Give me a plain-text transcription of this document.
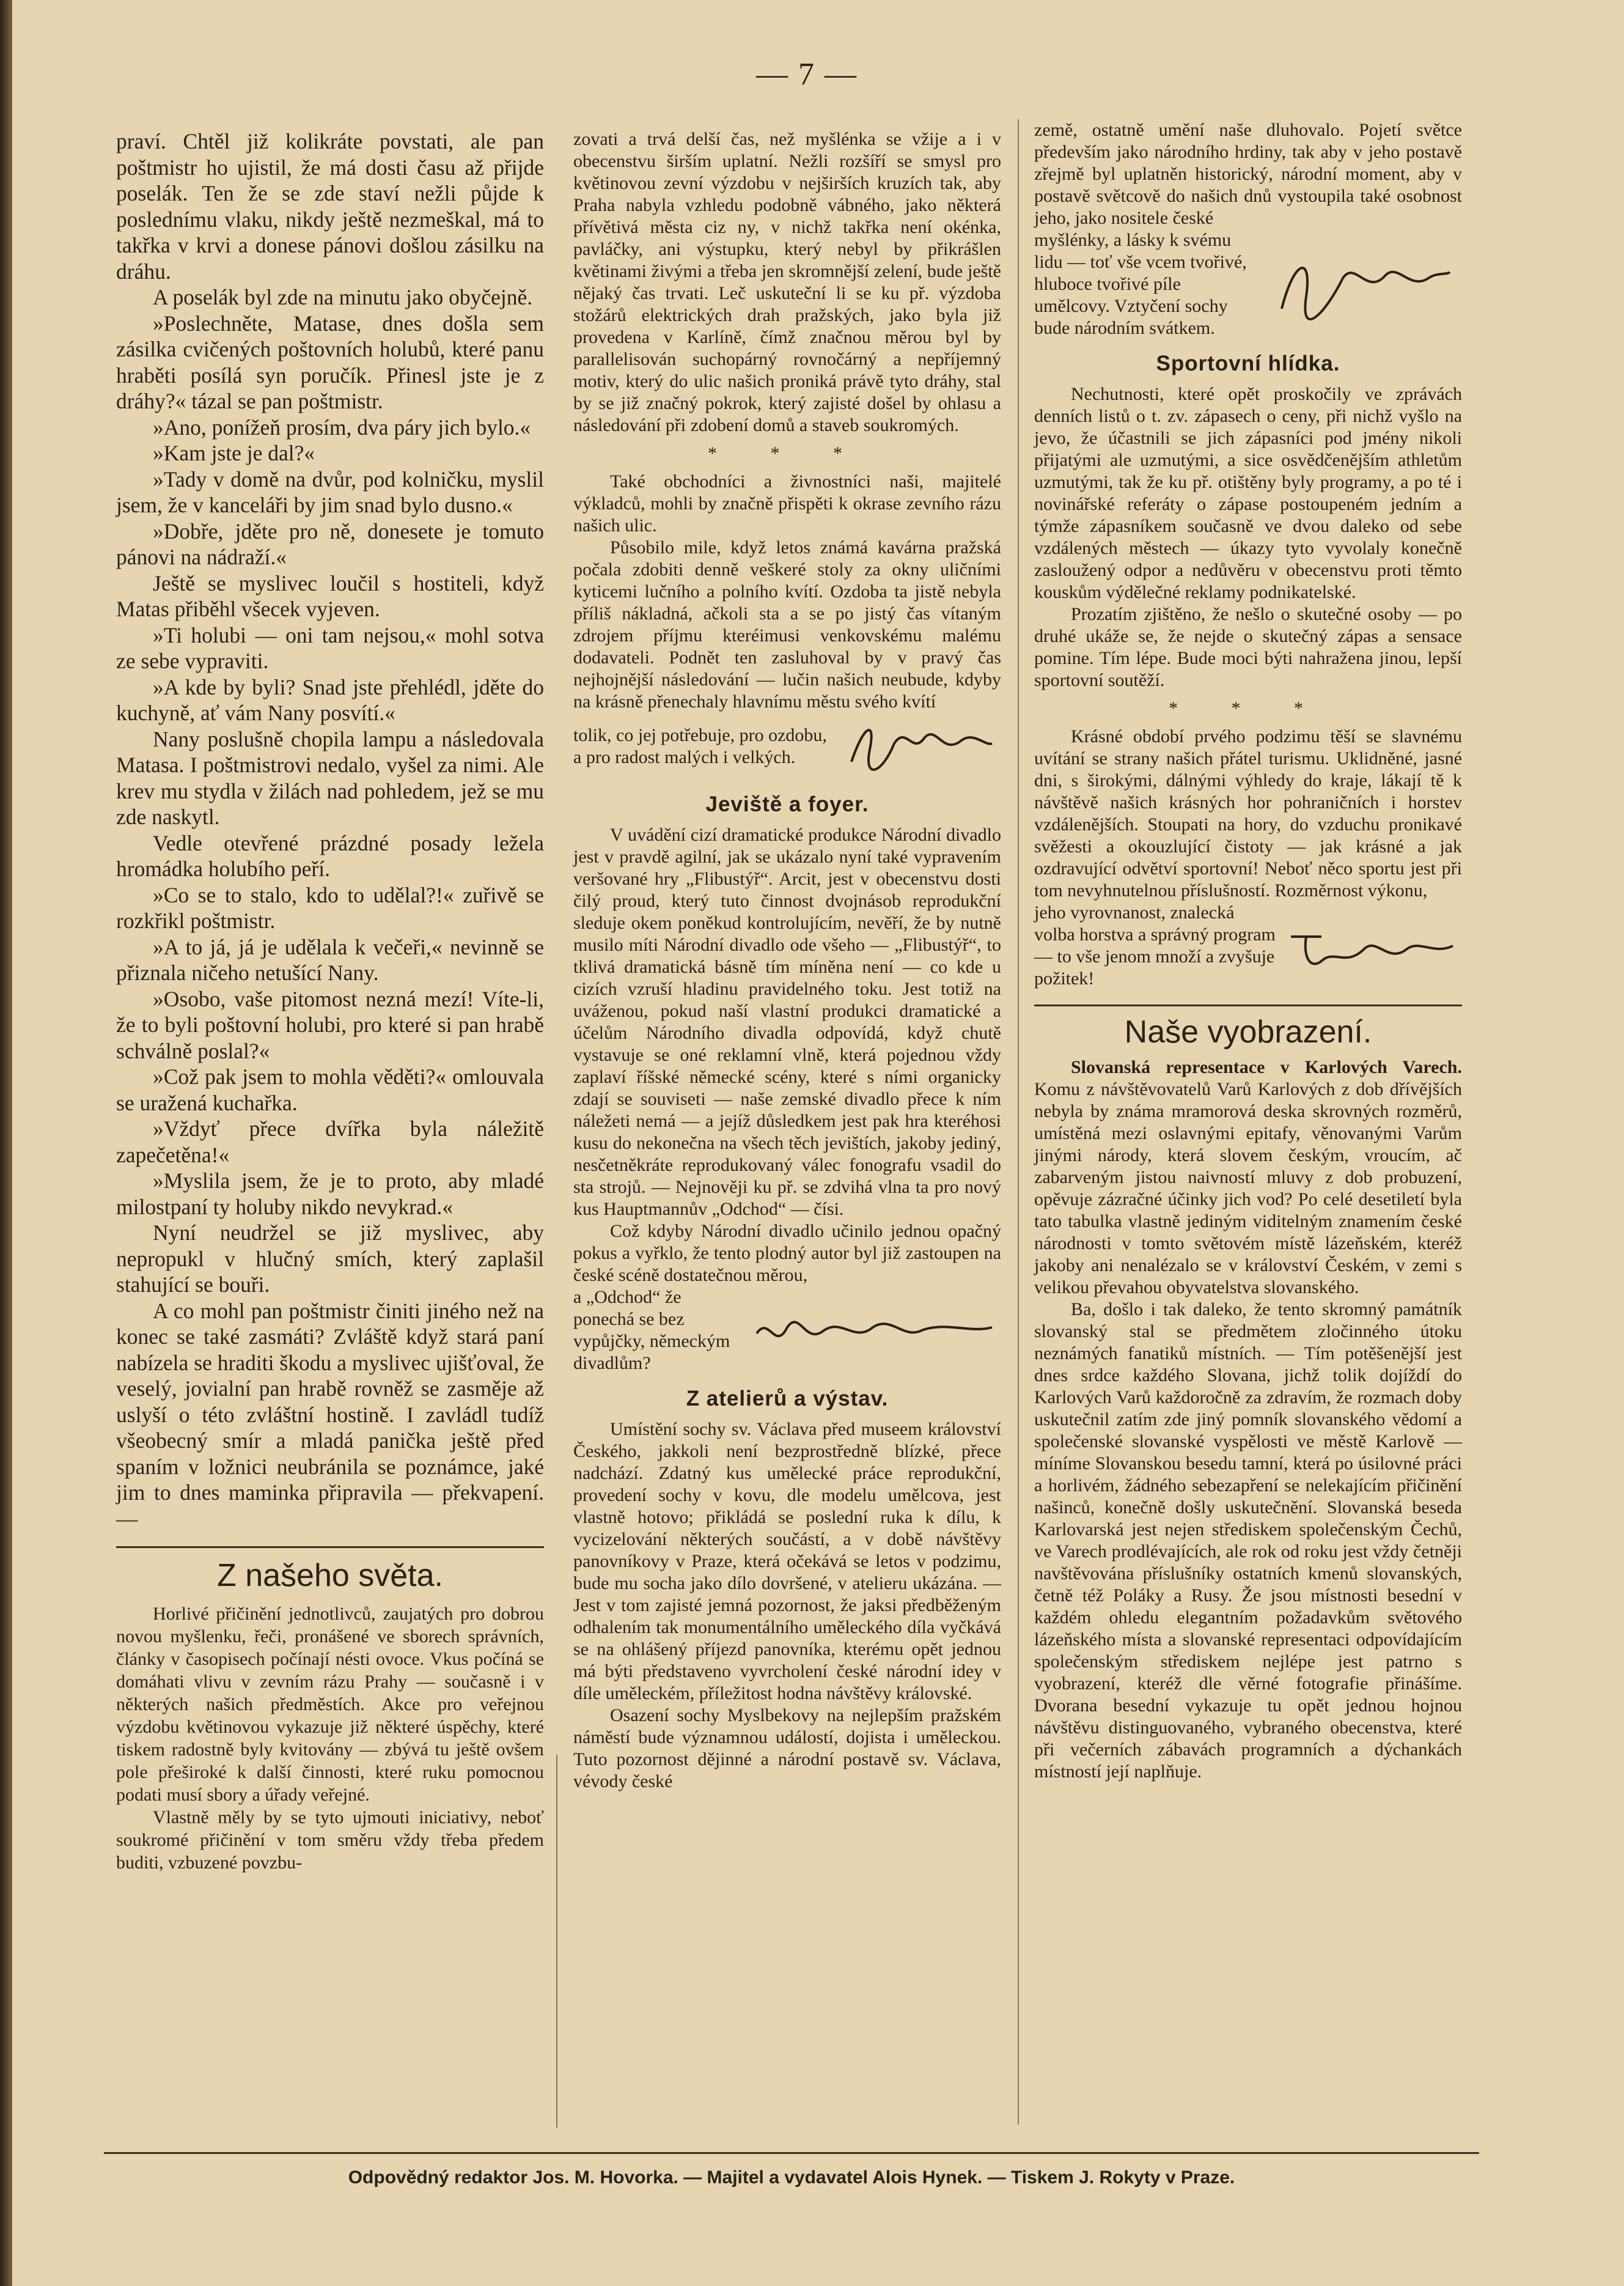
— 7 —

praví. Chtěl již kolikráte povstati, ale pan poštmistr ho ujistil, že má dosti času až přijde poselák. Ten že se zde staví nežli půjde k poslednímu vlaku, nikdy ještě nezmeškal, má to takřka v krvi a donese pánovi došlou zásilku na dráhu.

A poselák byl zde na minutu jako obyčejně.

»Poslechněte, Matase, dnes došla sem zásilka cvičených poštovních holubů, které panu hraběti posílá syn poručík. Přinesl jste je z dráhy?« tázal se pan poštmistr.

»Ano, ponížeň prosím, dva páry jich bylo.«

»Kam jste je dal?«

»Tady v domě na dvůr, pod kolničku, myslil jsem, že v kanceláři by jim snad bylo dusno.«

»Dobře, jděte pro ně, donesete je tomuto pánovi na nádraží.«

Ještě se myslivec loučil s hostiteli, když Matas přiběhl všecek vyjeven.

»Ti holubi — oni tam nejsou,« mohl sotva ze sebe vypraviti.

»A kde by byli? Snad jste přehlédl, jděte do kuchyně, ať vám Nany posvítí.«

Nany poslušně chopila lampu a následovala Matasa. I poštmistrovi nedalo, vyšel za nimi. Ale krev mu stydla v žilách nad pohledem, jež se mu zde naskytl.

Vedle otevřené prázdné posady ležela hromádka holubího peří.

»Co se to stalo, kdo to udělal?!« zuřivě se rozkřikl poštmistr.

»A to já, já je udělala k večeři,« nevinně se přiznala ničeho netušící Nany.

»Osobo, vaše pitomost nezná mezí! Víte-li, že to byli poštovní holubi, pro které si pan hrabě schválně poslal?«

»Což pak jsem to mohla věděti?« omlouvala se uražená kuchařka.

»Vždyť přece dvířka byla náležitě zapečetěna!«

»Myslila jsem, že je to proto, aby mladé milostpaní ty holuby nikdo nevykrad.«

Nyní neudržel se již myslivec, aby nepropukl v hlučný smích, který zaplašil stahující se bouři.

A co mohl pan poštmistr činiti jiného než na konec se také zasmáti? Zvláště když stará paní nabízela se hraditi škodu a myslivec ujišťoval, že veselý, jovialní pan hrabě rovněž se zasměje až uslyší o této zvláštní hostině. I zavládl tudíž všeobecný smír a mladá panička ještě před spaním v ložnici neubránila se poznámce, jaké jim to dnes maminka připravila — překvapení. —

Z našeho světa.

Horlivé přičinění jednotlivců, zaujatých pro dobrou novou myšlenku, řeči, pronášené ve sborech správních, články v časopisech počínají nésti ovoce. Vkus počíná se domáhati vlivu v zevním rázu Prahy — současně i v některých našich předměstích. Akce pro veřejnou výzdobu květinovou vykazuje již některé úspěchy, které tiskem radostně byly kvitovány — zbývá tu ještě ovšem pole přeširoké k další činnosti, které ruku pomocnou podati musí sbory a úřady veřejné.

Vlastně měly by se tyto ujmouti iniciativy, neboť soukromé přičinění v tom směru vždy třeba předem buditi, vzbuzené povzbu-

zovati a trvá delší čas, než myšlénka se vžije a i v obecenstvu širším uplatní. Nežli rozšíří se smysl pro květinovou zevní výzdobu v nejširších kruzích tak, aby Praha nabyla vzhledu podobně vábného, jako některá přívětivá města ciz ny, v nichž takřka není okénka, pavláčky, ani výstupku, který nebyl by přikrášlen květinami živými a třeba jen skromnější zelení, bude ještě nějaký čas trvati. Leč uskuteční li se ku př. výzdoba stožárů elektrických drah pražských, jako byla již provedena v Karlíně, čímž značnou měrou byl by parallelisován suchopárný rovnočárný a nepříjemný motiv, který do ulic našich proniká právě tyto dráhy, stal by se již značný pokrok, který zajisté došel by ohlasu a následování při zdobení domů a staveb soukromých.

* * *

Také obchodníci a živnostníci naši, majitelé výkladců, mohli by značně přispěti k okrase zevního rázu našich ulic.

Působilo mile, když letos známá kavárna pražská počala zdobiti denně veškeré stoly za okny uličními kyticemi lučního a polního kvítí. Ozdoba ta jistě nebyla příliš nákladná, ačkoli sta a se po jistý čas vítaným zdrojem příjmu kteréimusi venkovskému malému dodavateli. Podnět ten zasluhoval by v pravý čas nejhojnější následování — lučin našich neubude, kdyby na krásně přenechaly hlavnímu městu svého kvítí

tolik, co jej potřebuje, pro ozdobu, a pro radost malých i velkých.
Jeviště a foyer.

V uvádění cizí dramatické produkce Národní divadlo jest v pravdě agilní, jak se ukázalo nyní také vypravením veršované hry „Flibustýř“. Arcit, jest v obecenstvu dosti čilý proud, který tuto činnost dvojnásob reprodukční sleduje okem poněkud kontrolujícím, nevěří, že by nutně musilo míti Národní divadlo ode všeho — „Flibustýř“, to tklivá dramatická básně tím míněna není — co kde u cizích vzruší hladinu pravidelného toku. Jest totiž na uváženou, pokud naší vlastní produkci dramatické a účelům Národního divadla odpovídá, když chutě vystavuje se oné reklamní vlně, která pojednou vždy zaplaví říšské německé scény, které s ními organicky zdají se souviseti — naše zemské divadlo přece k ním náležeti nemá — a jejíž důsledkem jest pak hra kteréhosi kusu do nekonečna na všech těch jevištích, jakoby jediný, nesčetněkráte reprodukovaný válec fonografu vsadil do sta strojů. — Nejnověji ku př. se zdvihá vlna ta pro nový kus Hauptmannův „Odchod“ — čísi.

Což kdyby Národní divadlo učinilo jednou opačný pokus a vyřklo, že tento plodný autor byl již zastoupen na české scéně dostatečnou měrou,

a „Odchod“ že ponechá se bez vypůjčky, německým divadlům?
Z atelierů a výstav.

Umístění sochy sv. Václava před museem království Českého, jakkoli není bezprostředně blízké, přece nadchází. Zdatný kus umělecké práce reprodukční, provedení sochy v kovu, dle modelu umělcova, jest vlastně hotovo; přikládá se poslední ruka k dílu, k vycizelování některých součástí, a v době návštěvy panovníkovy v Praze, která očekává se letos v podzimu, bude mu socha jako dílo dovršené, v atelieru ukázána. — Jest v tom zajisté jemná pozornost, že jaksi předběženým odhalením tak monumentálního uměleckého díla vyčkává se na ohlášený příjezd panovníka, kterému opět jednou má býti představeno vyvrcholení české národní idey v díle uměleckém, příležitost hodna návštěvy královské.

Osazení sochy Myslbekovy na nejlepším pražském náměstí bude významnou událostí, dojista i uměleckou. Tuto pozornost dějinné a národní postavě sv. Václava, vévody české

země, ostatně umění naše dluhovalo. Pojetí světce především jako národního hrdiny, tak aby v jeho postavě zřejmě byl uplatněn historický, národní moment, aby v postavě světcově do našich dnů vystoupila také osobnost jeho, jako nositele české

myšlénky, a lásky k svému lidu — toť vše vcem tvořivé, hluboce tvořivé píle umělcovy. Vztyčení sochy bude národním svátkem.
Sportovní hlídka.

Nechutnosti, které opět proskočily ve zprávách denních listů o t. zv. zápasech o ceny, při nichž vyšlo na jevo, že účastnili se jich zápasníci pod jmény nikoli přijatými ale uzmutými, a sice osvědčenějším athletům uzmutými, tak že ku př. otištěny byly programy, a po té i novinářské referáty o zápase postoupeném jedním a týmže zápasníkem současně ve dvou daleko od sebe vzdálených městech — úkazy tyto vyvolaly konečně zasloužený odpor a nedůvěru v obecenstvu proti těmto kouskům výdělečné reklamy podnikatelské.

Prozatím zjištěno, že nešlo o skutečné osoby — po druhé ukáže se, že nejde o skutečný zápas a sensace pomine. Tím lépe. Bude moci býti nahražena jinou, lepší sportovní soutěží.

* * *

Krásné období prvého podzimu těší se slavnému uvítání se strany našich přátel turismu. Uklidněné, jasné dni, s širokými, dálnými výhledy do kraje, lákají tě k návštěvě našich krásných hor pohraničních i horstev vzdálenějších. Stoupati na hory, do vzduchu pronikavé svěžesti a okouzlující čistoty — jak krásné a jak ozdravující odvětví sportovní! Neboť něco sportu jest při tom nevyhnutelnou příslušností. Rozměrnost výkonu,

jeho vyrovnanost, znalecká volba horstva a správný program — to vše jenom množí a zvyšuje požitek!
Naše vyobrazení.

Slovanská representace v Karlových Varech. Komu z návštěvovatelů Varů Karlových z dob dřívějších nebyla by známa mramorová deska skrovných rozměrů, umístěná mezi oslavnými epitafy, věnovanými Varům jinými národy, která slovem českým, vroucím, ač zabarveným jistou naivností mluvy z dob probuzení, opěvuje zázračné účinky jich vod? Po celé desetiletí byla tato tabulka vlastně jediným viditelným znamením české národnosti v tomto světovém místě lázeňském, kteréž jakoby ani nenalézalo se v království Českém, v zemi s velikou převahou obyvatelstva slovanského.

Ba, došlo i tak daleko, že tento skromný památník slovanský stal se předmětem zločinného útoku neznámých fanatiků místních. — Tím potěšenější jest dnes srdce každého Slovana, jichž tolik dojíždí do Karlových Varů každoročně za zdravím, že rozmach doby uskutečnil zatím zde jiný pomník slovanského vědomí a společenské slovanské vyspělosti ve městě Karlově — míníme Slovanskou besedu tamní, která po úsilovné práci a horlivém, žádného sebezapření se nelekajícím přičinění našinců, konečně došly uskutečnění. Slovanská beseda Karlovarská jest nejen střediskem společenským Čechů, ve Varech prodlévajících, ale rok od roku jest vždy četněji navštěvována příslušníky ostatních kmenů slovanských, četně též Poláky a Rusy. Že jsou místnosti besední v každém ohledu elegantním požadavkům světového lázeňského místa a slovanské representaci odpovídajícím společenským střediskem nejlépe jest patrno s vyobrazení, kteréž dle věrné fotografie přinášíme. Dvorana besední vykazuje tu opět jednou hojnou návštěvu distinguovaného, vybraného obecenstva, které při večerních zábavách programních a dýchankách místností její naplňuje.

Odpovědný redaktor Jos. M. Hovorka. — Majitel a vydavatel Alois Hynek. — Tiskem J. Rokyty v Praze.
